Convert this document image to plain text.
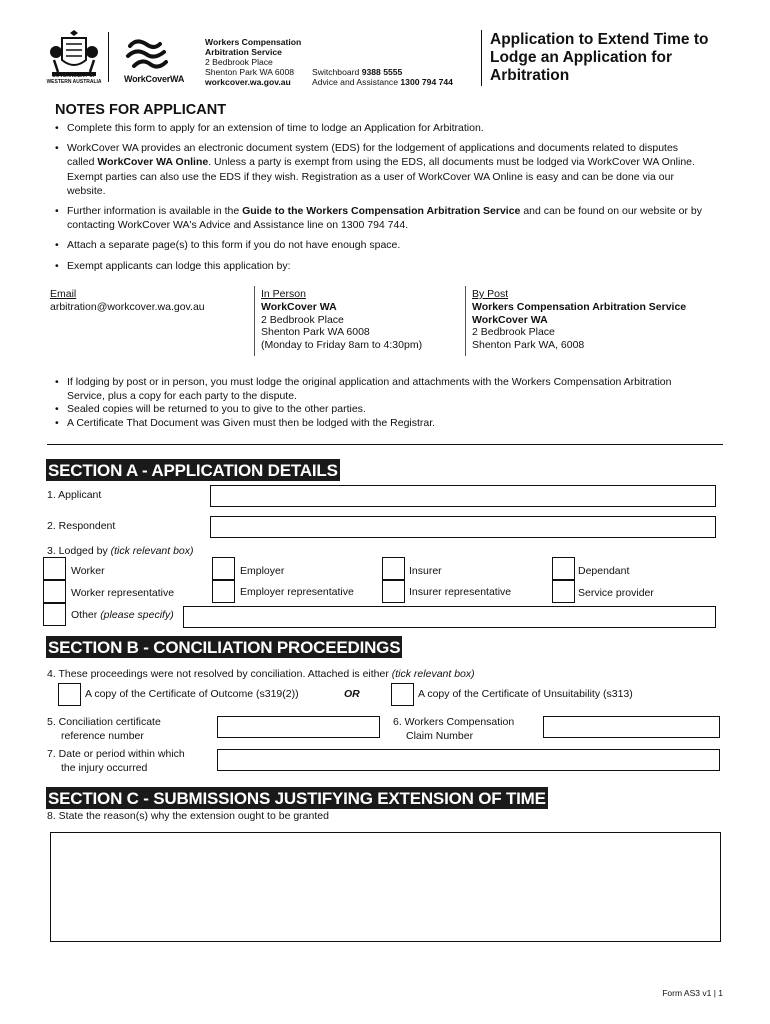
GOVERNMENT OF
WESTERN AUSTRALIA WorkCoverWA
Workers Compensation
Arbitration Service
2 Bedbrook Place
Shenton Park WA 6008
workcover.wa.gov.au
Switchboard 9388 5555
Advice and Assistance 1300 794 744
Application to Extend Time to Lodge an Application for Arbitration
NOTES FOR APPLICANT
• Complete this form to apply for an extension of time to lodge an Application for Arbitration.
• WorkCover WA provides an electronic document system (EDS) for the lodgement of applications and documents related to disputes called WorkCover WA Online. Unless a party is exempt from using the EDS, all documents must be lodged via WorkCover WA Online. Exempt parties can also use the EDS if they wish. Registration as a user of WorkCover WA Online is easy and can be done via our website.
• Further information is available in the Guide to the Workers Compensation Arbitration Service and can be found on our website or by contacting WorkCover WA's Advice and Assistance line on 1300 794 744.
• Attach a separate page(s) to this form if you do not have enough space.
• Exempt applicants can lodge this application by:
Email
arbitration@workcover.wa.gov.au
In Person
WorkCover WA
2 Bedbrook Place
Shenton Park WA 6008
(Monday to Friday 8am to 4:30pm)
By Post
Workers Compensation Arbitration Service
WorkCover WA
2 Bedbrook Place
Shenton Park WA, 6008
• If lodging by post or in person, you must lodge the original application and attachments with the Workers Compensation Arbitration Service, plus a copy for each party to the dispute.
• Sealed copies will be returned to you to give to the other parties.
• A Certificate That Document was Given must then be lodged with the Registrar.
SECTION A - APPLICATION DETAILS
1. Applicant
2. Respondent
3. Lodged by (tick relevant box)
Worker	Employer	Insurer	Dependant
Worker representative	Employer representative	Insurer representative	Service provider
Other (please specify)
SECTION B - CONCILIATION PROCEEDINGS
4. These proceedings were not resolved by conciliation. Attached is either (tick relevant box)
A copy of the Certificate of Outcome (s319(2))	OR	A copy of the Certificate of Unsuitability (s313)
5. Conciliation certificate
reference number
6. Workers Compensation
Claim Number
7. Date or period within which
the injury occurred
SECTION C - SUBMISSIONS JUSTIFYING EXTENSION OF TIME
8. State the reason(s) why the extension ought to be granted
Form AS3 v1 | 1
